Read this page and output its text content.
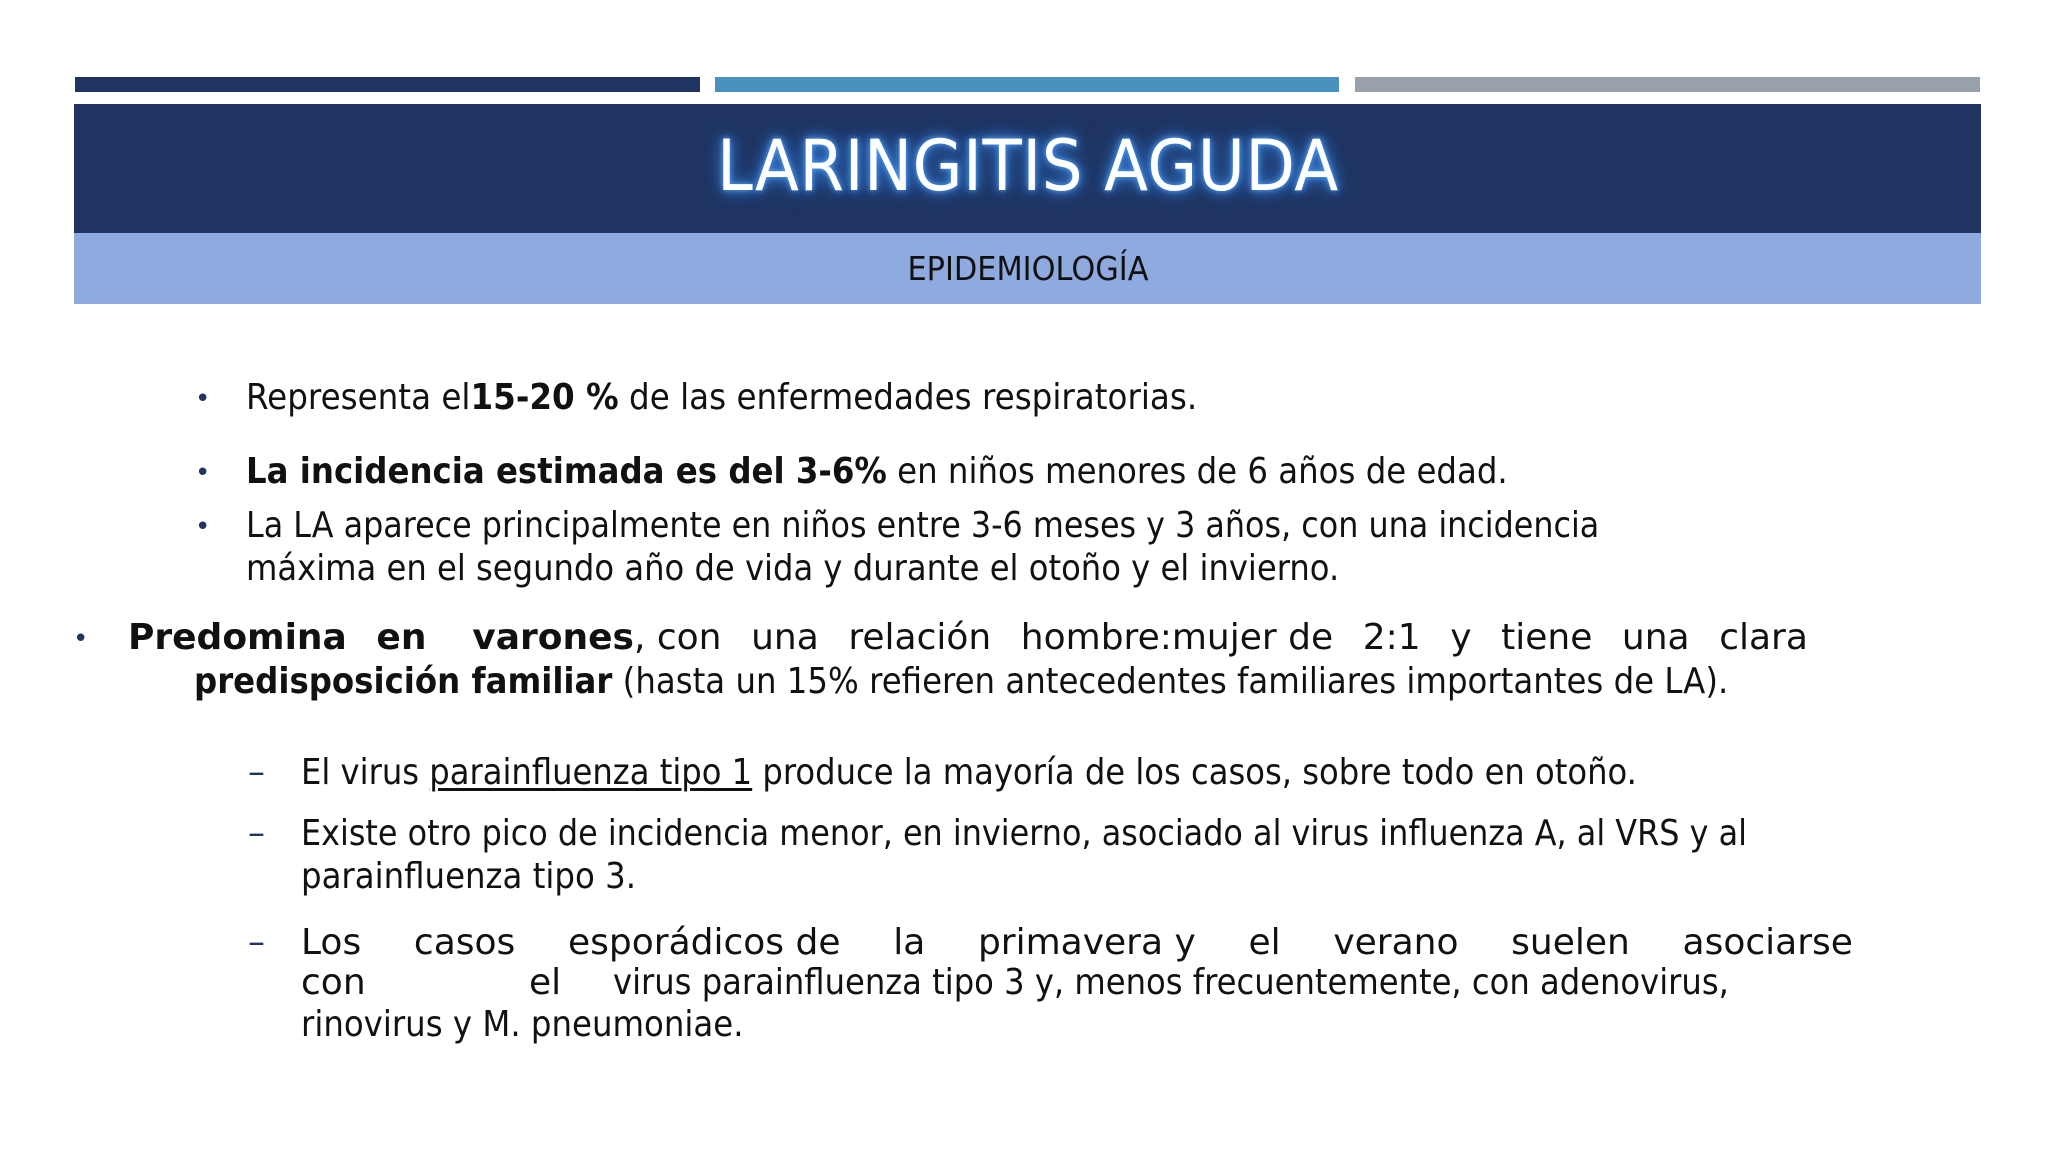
LARINGITIS AGUDA
EPIDEMIOLOGÍA
• Representa el15-20 % de las enfermedades respiratorias.
• La incidencia estimada es del 3-6% en niños menores de 6 años de edad.
• La LA aparece principalmente en niños entre 3-6 meses y 3 años, con una incidencia
máxima en el segundo año de vida y durante el otoño y el invierno.
• Predomina en varones, con una relación hombre:mujer de 2:1 y tiene una clara
predisposición familiar (hasta un 15% refieren antecedentes familiares importantes de LA).
– El virus parainfluenza tipo 1 produce la mayoría de los casos, sobre todo en otoño.
– Existe otro pico de incidencia menor, en invierno, asociado al virus influenza A, al VRS y al
parainfluenza tipo 3.
– Los casos esporádicos de la primavera y el verano suelen asociarse
con	el virus parainfluenza tipo 3 y, menos frecuentemente, con adenovirus,
rinovirus y M. pneumoniae.
